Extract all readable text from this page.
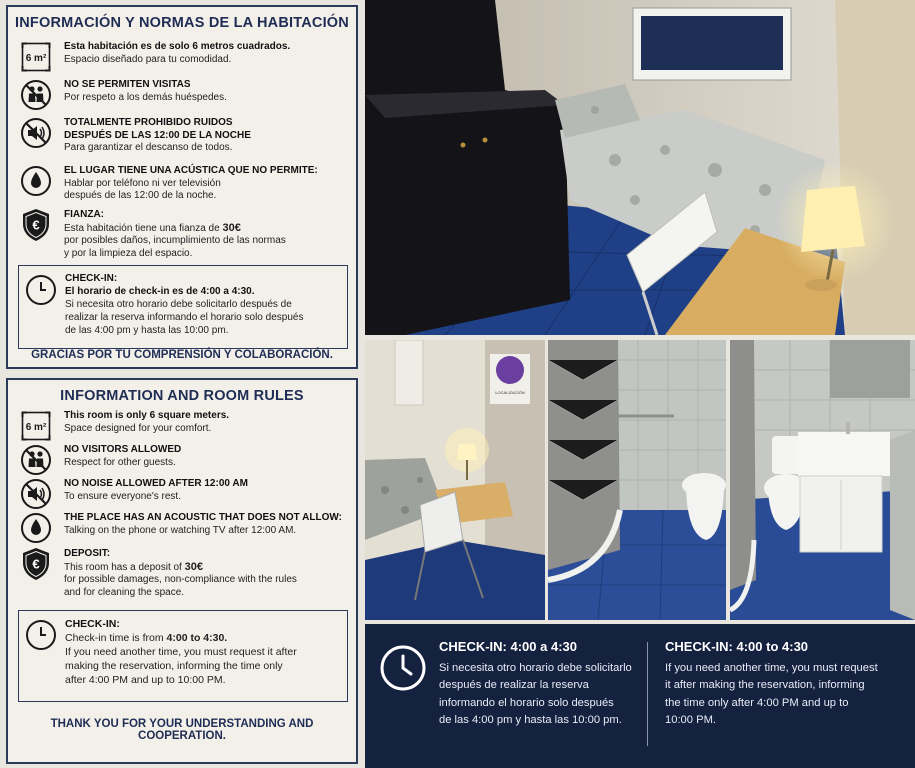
INFORMACIÓN Y NORMAS DE LA HABITACIÓN
6 m²
Esta habitación es de solo 6 metros cuadrados.
Espacio diseñado para tu comodidad.
NO SE PERMITEN VISITAS
Por respeto a los demás huéspedes.
TOTALMENTE PROHIBIDO RUIDOS
DESPUÉS DE LAS 12:00 DE LA NOCHE
Para garantizar el descanso de todos.
EL LUGAR TIENE UNA ACÚSTICA QUE NO PERMITE:
Hablar por teléfono ni ver televisión
después de las 12:00 de la noche.
€
FIANZA:
Esta habitación tiene una fianza de 30€
por posibles daños, incumplimiento de las normas
y por la limpieza del espacio.
CHECK-IN:
El horario de check-in es de 4:00 a 4:30.
Si necesita otro horario debe solicitarlo después de
realizar la reserva informando el horario solo después
de las 4:00 pm y hasta las 10:00 pm.
GRACIAS POR TU COMPRENSIÓN Y COLABORACIÓN.
INFORMATION AND ROOM RULES
6 m²
This room is only 6 square meters.
Space designed for your comfort.
NO VISITORS ALLOWED
Respect for other guests.
NO NOISE ALLOWED AFTER 12:00 AM
To ensure everyone's rest.
THE PLACE HAS AN ACOUSTIC THAT DOES NOT ALLOW:
Talking on the phone or watching TV after 12:00 AM.
€
DEPOSIT:
This room has a deposit of 30€
for possible damages, non-compliance with the rules
and for cleaning the space.
CHECK-IN:
Check-in time is from 4:00 to 4:30.
If you need another time, you must request it after
making the reservation, informing the time only
after 4:00 PM and up to 10:00 PM.
THANK YOU FOR YOUR UNDERSTANDING AND COOPERATION.
LOCALIZACIÓN
CHECK-IN: 4:00 a 4:30
Si necesita otro horario debe solicitarlo
después de realizar la reserva
informando el horario solo después
de las 4:00 pm y hasta las 10:00 pm.
CHECK-IN: 4:00 to 4:30
If you need another time, you must request
it after making the reservation, informing
the time only after 4:00 PM and up to
10:00 PM.
